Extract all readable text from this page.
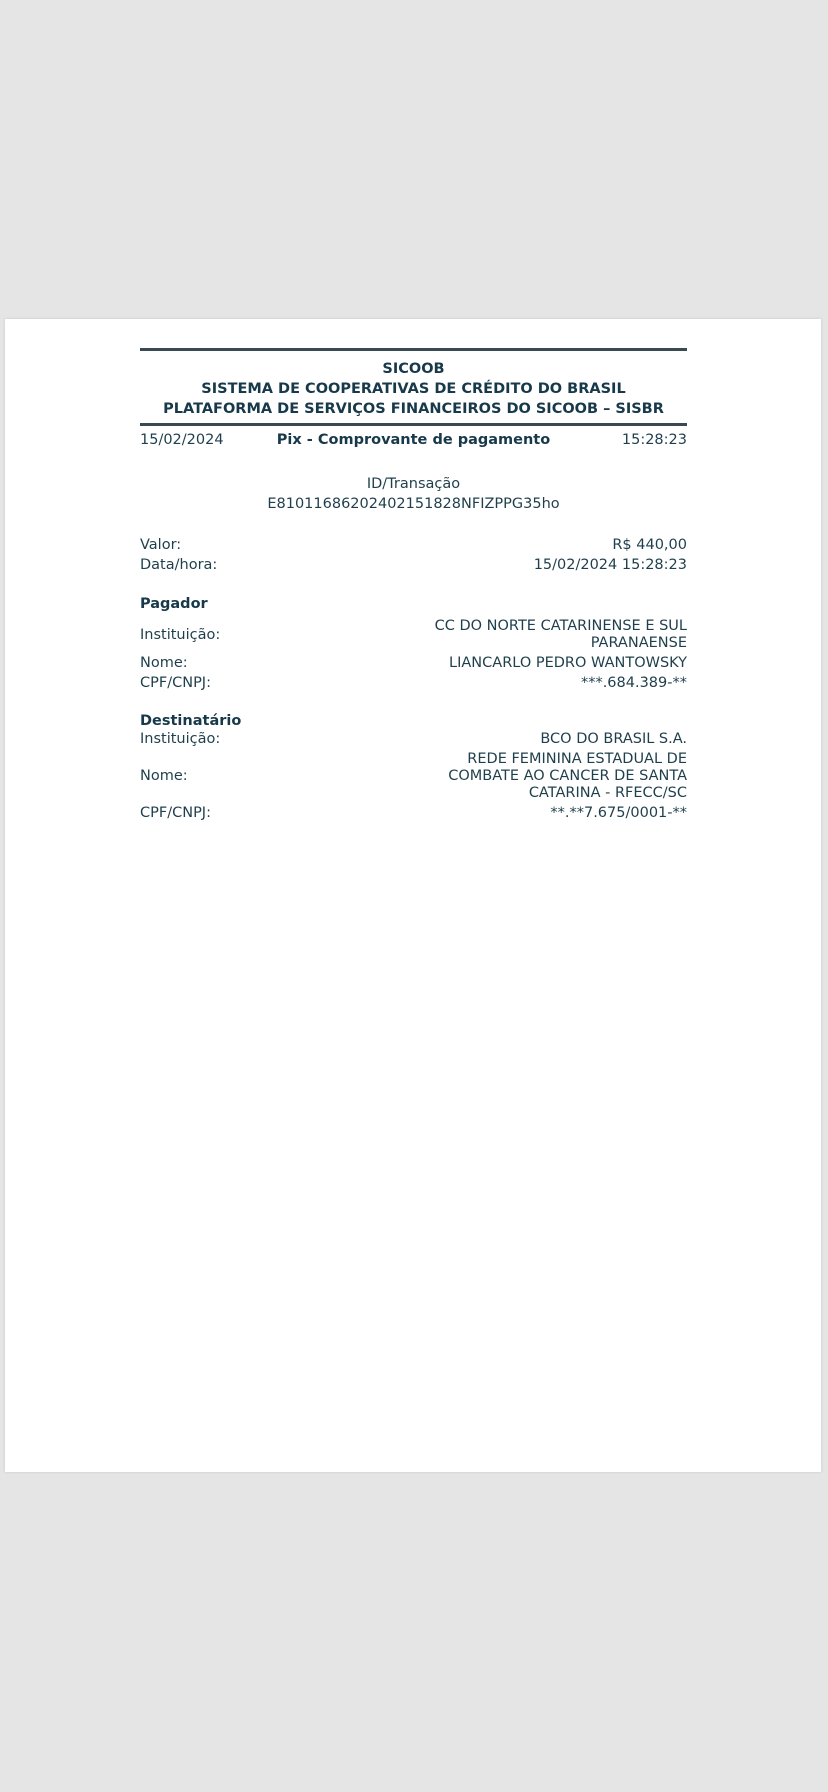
SICOOB
SISTEMA DE COOPERATIVAS DE CRÉDITO DO BRASIL
PLATAFORMA DE SERVIÇOS FINANCEIROS DO SICOOB – SISBR
15/02/2024	Pix - Comprovante de pagamento	15:28:23
ID/Transação
E81011686202402151828NFIZPPG35ho
Valor:	R$ 440,00
Data/hora:	15/02/2024 15:28:23
Pagador
Instituição:
CC DO NORTE CATARINENSE E SUL
PARANAENSE
Nome:	LIANCARLO PEDRO WANTOWSKY
CPF/CNPJ:	***.684.389-**
Destinatário
Instituição:	BCO DO BRASIL S.A.
Nome:
REDE FEMININA ESTADUAL DE
COMBATE AO CANCER DE SANTA
CATARINA - RFECC/SC
CPF/CNPJ:	**.**7.675/0001-**
